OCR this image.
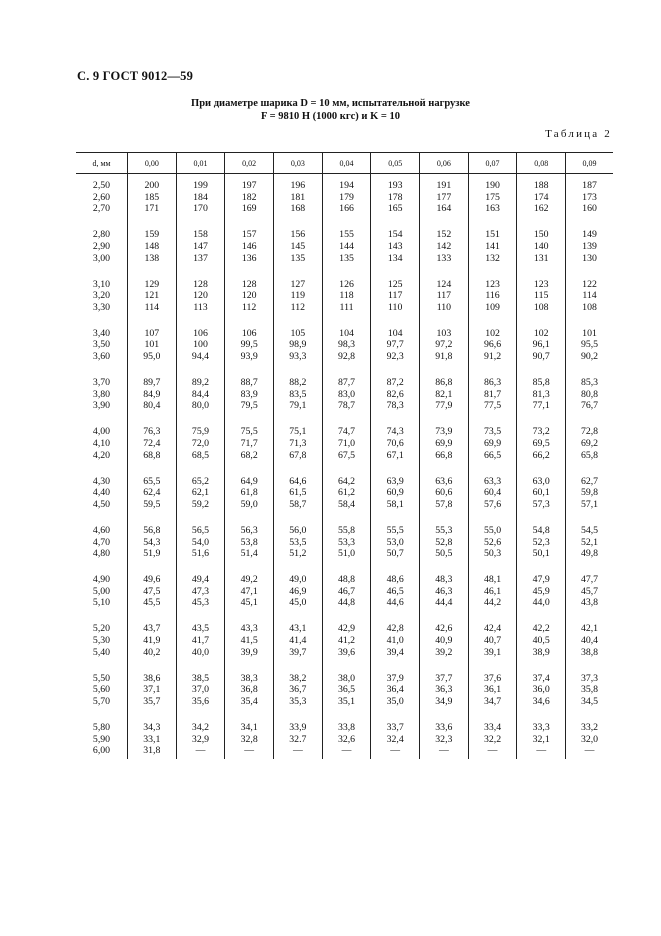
С. 9 ГОСТ 9012—59
При диаметре шарика D = 10 мм, испытательной нагрузке
F = 9810 Н (1000 кгс) и K = 10
Таблица 2
d, мм	0,00	0,01	0,02	0,03	0,04	0,05	0,06	0,07	0,08	0,09
2,50	200	199	197	196	194	193	191	190	188	187
2,60	185	184	182	181	179	178	177	175	174	173
2,70	171	170	169	168	166	165	164	163	162	160
2,80	159	158	157	156	155	154	152	151	150	149
2,90	148	147	146	145	144	143	142	141	140	139
3,00	138	137	136	135	135	134	133	132	131	130
3,10	129	128	128	127	126	125	124	123	123	122
3,20	121	120	120	119	118	117	117	116	115	114
3,30	114	113	112	112	111	110	110	109	108	108
3,40	107	106	106	105	104	104	103	102	102	101
3,50	101	100	99,5	98,9	98,3	97,7	97,2	96,6	96,1	95,5
3,60	95,0	94,4	93,9	93,3	92,8	92,3	91,8	91,2	90,7	90,2
3,70	89,7	89,2	88,7	88,2	87,7	87,2	86,8	86,3	85,8	85,3
3,80	84,9	84,4	83,9	83,5	83,0	82,6	82,1	81,7	81,3	80,8
3,90	80,4	80,0	79,5	79,1	78,7	78,3	77,9	77,5	77,1	76,7
4,00	76,3	75,9	75,5	75,1	74,7	74,3	73,9	73,5	73,2	72,8
4,10	72,4	72,0	71,7	71,3	71,0	70,6	69,9	69,9	69,5	69,2
4,20	68,8	68,5	68,2	67,8	67,5	67,1	66,8	66,5	66,2	65,8
4,30	65,5	65,2	64,9	64,6	64,2	63,9	63,6	63,3	63,0	62,7
4,40	62,4	62,1	61,8	61,5	61,2	60,9	60,6	60,4	60,1	59,8
4,50	59,5	59,2	59,0	58,7	58,4	58,1	57,8	57,6	57,3	57,1
4,60	56,8	56,5	56,3	56,0	55,8	55,5	55,3	55,0	54,8	54,5
4,70	54,3	54,0	53,8	53,5	53,3	53,0	52,8	52,6	52,3	52,1
4,80	51,9	51,6	51,4	51,2	51,0	50,7	50,5	50,3	50,1	49,8
4,90	49,6	49,4	49,2	49,0	48,8	48,6	48,3	48,1	47,9	47,7
5,00	47,5	47,3	47,1	46,9	46,7	46,5	46,3	46,1	45,9	45,7
5,10	45,5	45,3	45,1	45,0	44,8	44,6	44,4	44,2	44,0	43,8
5,20	43,7	43,5	43,3	43,1	42,9	42,8	42,6	42,4	42,2	42,1
5,30	41,9	41,7	41,5	41,4	41,2	41,0	40,9	40,7	40,5	40,4
5,40	40,2	40,0	39,9	39,7	39,6	39,4	39,2	39,1	38,9	38,8
5,50	38,6	38,5	38,3	38,2	38,0	37,9	37,7	37,6	37,4	37,3
5,60	37,1	37,0	36,8	36,7	36,5	36,4	36,3	36,1	36,0	35,8
5,70	35,7	35,6	35,4	35,3	35,1	35,0	34,9	34,7	34,6	34,5
5,80	34,3	34,2	34,1	33,9	33,8	33,7	33,6	33,4	33,3	33,2
5,90	33,1	32,9	32,8	32.7	32,6	32,4	32,3	32,2	32,1	32,0
6,00	31,8	—	—	—	—	—	—	—	—	—
